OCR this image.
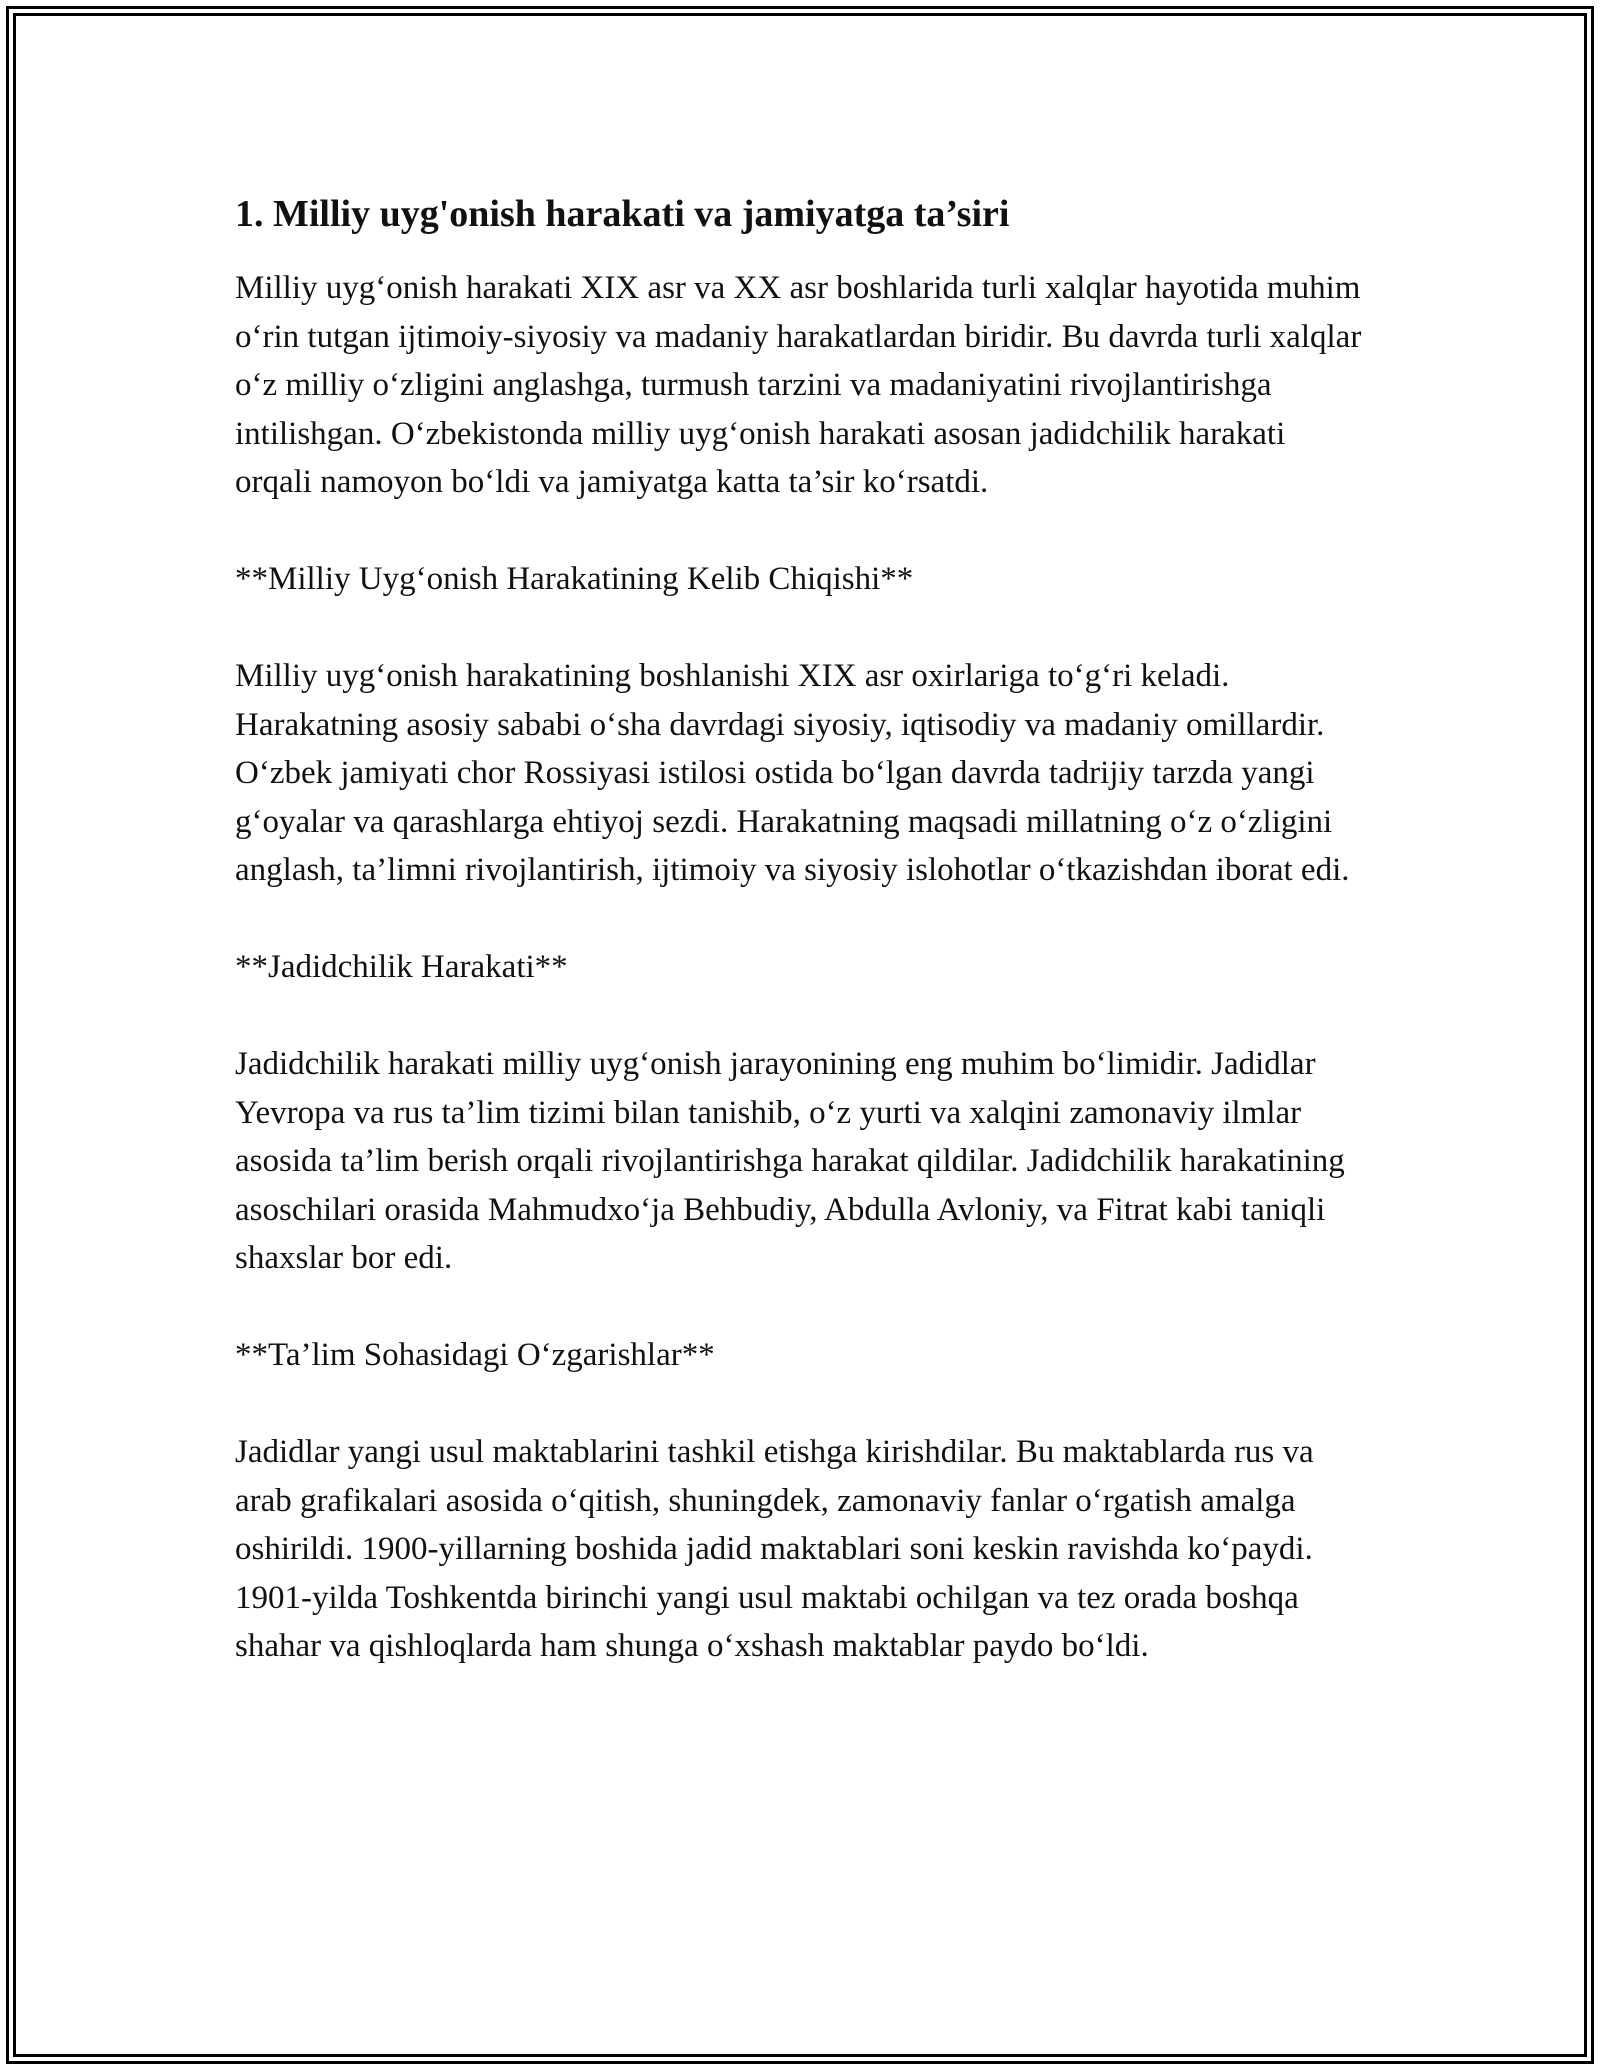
1. Milliy uyg'onish harakati va jamiyatga ta’siri

Milliy uyg‘onish harakati XIX asr va XX asr boshlarida turli xalqlar hayotida muhim o‘rin tutgan ijtimoiy-siyosiy va madaniy harakatlardan biridir. Bu davrda turli xalqlar o‘z milliy o‘zligini anglashga, turmush tarzini va madaniyatini rivojlantirishga intilishgan. O‘zbekistonda milliy uyg‘onish harakati asosan jadidchilik harakati orqali namoyon bo‘ldi va jamiyatga katta ta’sir ko‘rsatdi.

**Milliy Uyg‘onish Harakatining Kelib Chiqishi**

Milliy uyg‘onish harakatining boshlanishi XIX asr oxirlariga to‘g‘ri keladi. Harakatning asosiy sababi o‘sha davrdagi siyosiy, iqtisodiy va madaniy omillardir. O‘zbek jamiyati chor Rossiyasi istilosi ostida bo‘lgan davrda tadrijiy tarzda yangi g‘oyalar va qarashlarga ehtiyoj sezdi. Harakatning maqsadi millatning o‘z o‘zligini anglash, ta’limni rivojlantirish, ijtimoiy va siyosiy islohotlar o‘tkazishdan iborat edi.

**Jadidchilik Harakati**

Jadidchilik harakati milliy uyg‘onish jarayonining eng muhim bo‘limidir. Jadidlar Yevropa va rus ta’lim tizimi bilan tanishib, o‘z yurti va xalqini zamonaviy ilmlar asosida ta’lim berish orqali rivojlantirishga harakat qildilar. Jadidchilik harakatining asoschilari orasida Mahmudxo‘ja Behbudiy, Abdulla Avloniy, va Fitrat kabi taniqli shaxslar bor edi.

**Ta’lim Sohasidagi O‘zgarishlar**

Jadidlar yangi usul maktablarini tashkil etishga kirishdilar. Bu maktablarda rus va arab grafikalari asosida o‘qitish, shuningdek, zamonaviy fanlar o‘rgatish amalga oshirildi. 1900-yillarning boshida jadid maktablari soni keskin ravishda ko‘paydi. 1901-yilda Toshkentda birinchi yangi usul maktabi ochilgan va tez orada boshqa shahar va qishloqlarda ham shunga o‘xshash maktablar paydo bo‘ldi.
